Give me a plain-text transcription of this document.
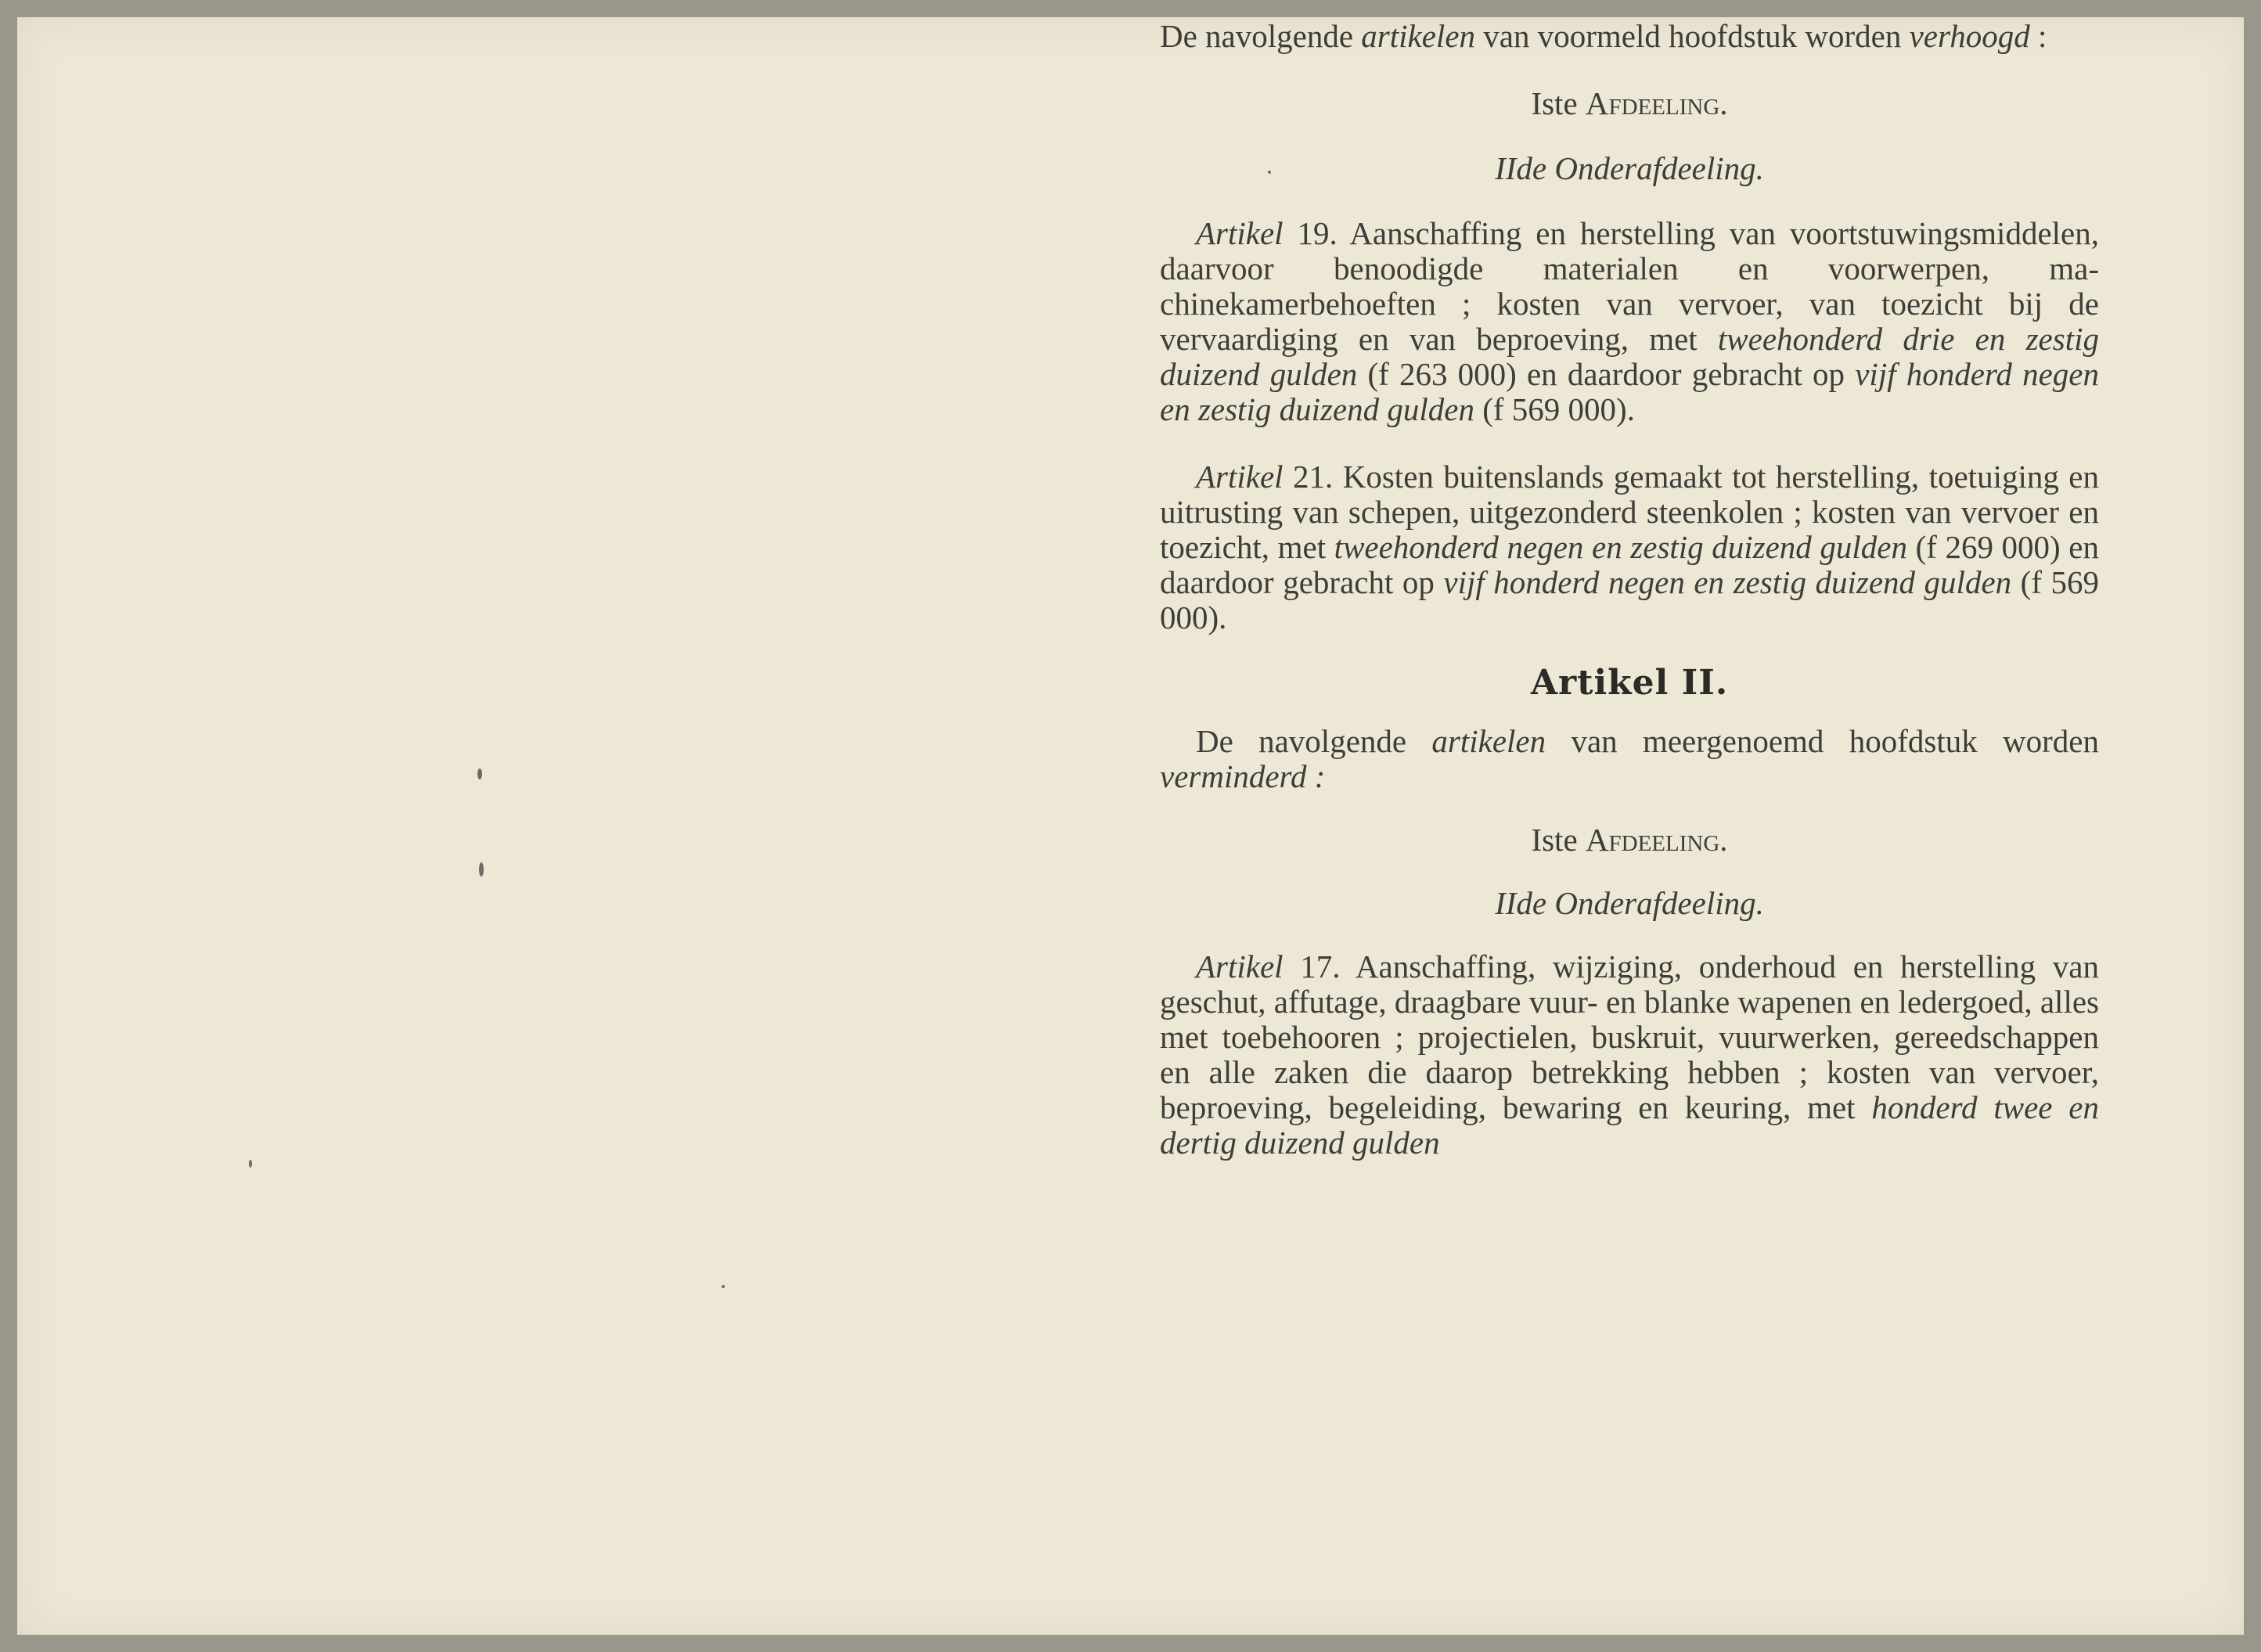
De navolgende artikelen van voormeld hoofdstuk worden verhoogd :

Iste Afdeeling.

IIde Onderafdeeling.

Artikel 19. Aanschaffing en herstelling van voortstuwingsmiddelen, daarvoor benoodigde materialen en voorwerpen, machinekamerbehoeften ; kosten van vervoer, van toezicht bij de vervaardiging en van beproeving, met tweehonderd drie en zestig duizend gulden (f 263 000) en daardoor gebracht op vijf honderd negen en zestig duizend gulden (f 569 000).

Artikel 21. Kosten buitenslands gemaakt tot herstelling, toetuiging en uitrusting van schepen, uitgezonderd steenkolen ; kosten van vervoer en toezicht, met tweehonderd negen en zestig duizend gulden (f 269 000) en daardoor gebracht op vijf honderd negen en zestig duizend gulden (f 569 000).

Artikel II.

De navolgende artikelen van meergenoemd hoofdstuk worden verminderd :

Iste Afdeeling.

IIde Onderafdeeling.

Artikel 17. Aanschaffing, wijziging, onderhoud en herstelling van geschut, affutage, draagbare vuur- en blanke wapenen en ledergoed, alles met toebehooren ; projectielen, buskruit, vuurwerken, gereedschappen en alle zaken die daarop betrekking hebben ; kosten van vervoer, beproeving, begeleiding, bewaring en keuring, met honderd twee en dertig duizend gulden
